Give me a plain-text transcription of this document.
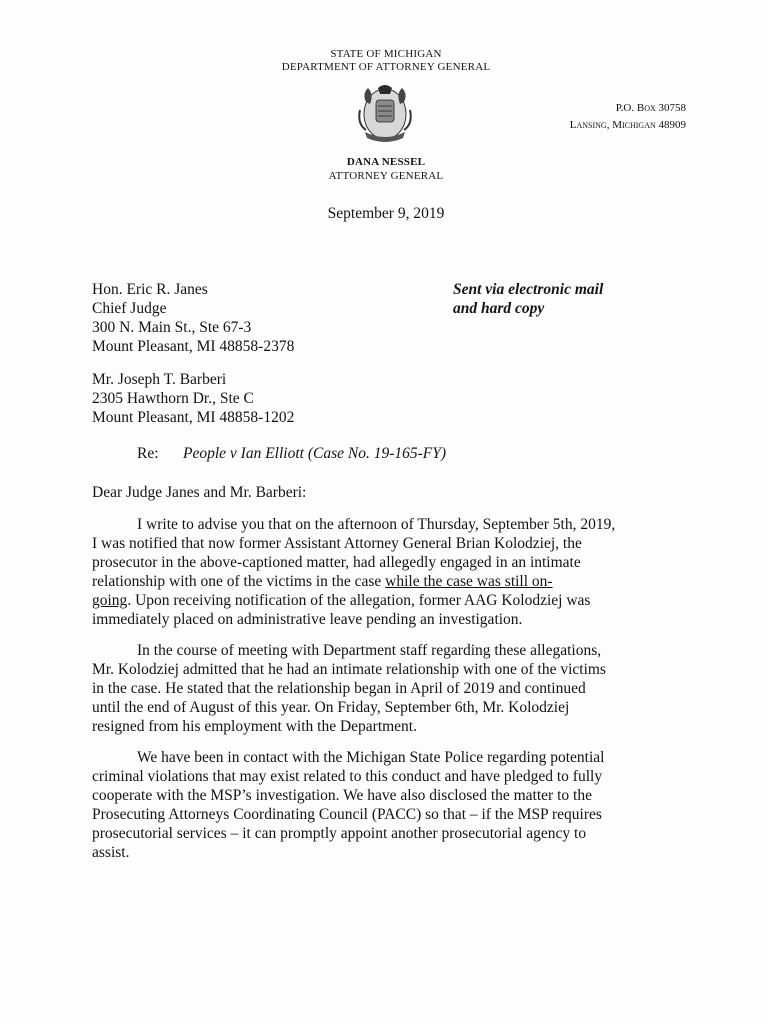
STATE OF MICHIGAN
DEPARTMENT OF ATTORNEY GENERAL
P.O. Box 30758
Lansing, Michigan 48909
DANA NESSEL
ATTORNEY GENERAL
September 9, 2019
Hon. Eric R. Janes
Chief Judge
300 N. Main St., Ste 67-3
Mount Pleasant, MI 48858-2378
Sent via electronic mail
and hard copy
Mr. Joseph T. Barberi
2305 Hawthorn Dr., Ste C
Mount Pleasant, MI 48858-1202
Re: People v Ian Elliott (Case No. 19-165-FY)
Dear Judge Janes and Mr. Barberi:
I write to advise you that on the afternoon of Thursday, September 5th, 2019,
I was notified that now former Assistant Attorney General Brian Kolodziej, the
prosecutor in the above-captioned matter, had allegedly engaged in an intimate
relationship with one of the victims in the case while the case was still on-
going. Upon receiving notification of the allegation, former AAG Kolodziej was
immediately placed on administrative leave pending an investigation.
In the course of meeting with Department staff regarding these allegations,
Mr. Kolodziej admitted that he had an intimate relationship with one of the victims
in the case. He stated that the relationship began in April of 2019 and continued
until the end of August of this year. On Friday, September 6th, Mr. Kolodziej
resigned from his employment with the Department.
We have been in contact with the Michigan State Police regarding potential
criminal violations that may exist related to this conduct and have pledged to fully
cooperate with the MSP’s investigation. We have also disclosed the matter to the
Prosecuting Attorneys Coordinating Council (PACC) so that – if the MSP requires
prosecutorial services – it can promptly appoint another prosecutorial agency to
assist.
